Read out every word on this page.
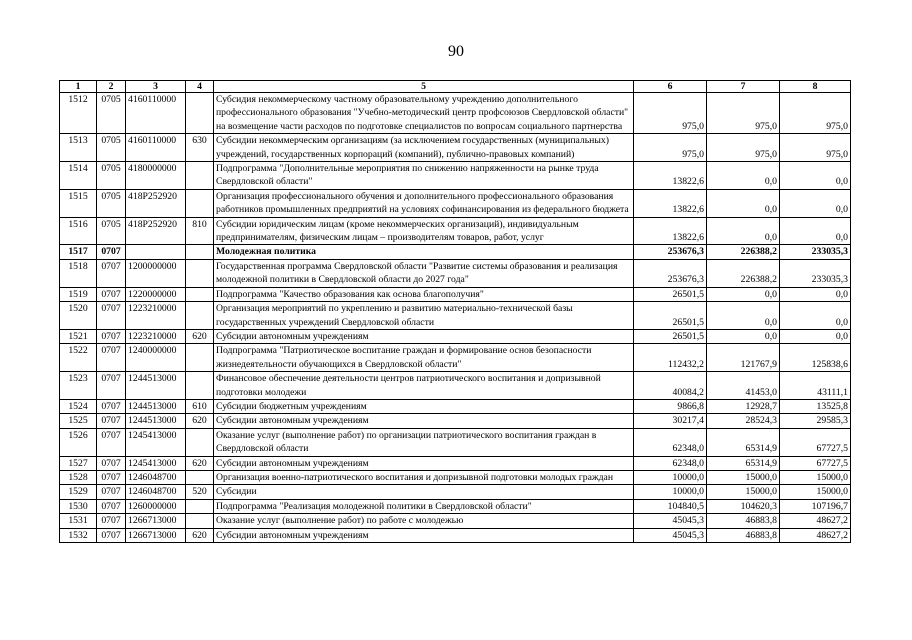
90
1	2	3	4	5	6	7	8
1512	0705	4160110000		Субсидия некоммерческому частному образовательному учреждению дополнительного профессионального образования "Учебно-методический центр профсоюзов Свердловской области" на возмещение части расходов по подготовке специалистов по вопросам социального партнерства	975,0	975,0	975,0
1513	0705	4160110000	630	Субсидии некоммерческим организациям (за исключением государственных (муниципальных) учреждений, государственных корпораций (компаний), публично-правовых компаний)	975,0	975,0	975,0
1514	0705	4180000000		Подпрограмма "Дополнительные мероприятия по снижению напряженности на рынке труда Свердловской области"	13822,6	0,0	0,0
1515	0705	418P252920		Организация профессионального обучения и дополнительного профессионального образования работников промышленных предприятий на условиях софинансирования из федерального бюджета	13822,6	0,0	0,0
1516	0705	418P252920	810	Субсидии юридическим лицам (кроме некоммерческих организаций), индивидуальным предпринимателям, физическим лицам – производителям товаров, работ, услуг	13822,6	0,0	0,0
1517	0707			Молодежная политика	253676,3	226388,2	233035,3
1518	0707	1200000000		Государственная программа Свердловской области "Развитие системы образования и реализация молодежной политики в Свердловской области до 2027 года"	253676,3	226388,2	233035,3
1519	0707	1220000000		Подпрограмма "Качество образования как основа благополучия"	26501,5	0,0	0,0
1520	0707	1223210000		Организация мероприятий по укреплению и развитию материально-технической базы государственных учреждений Свердловской области	26501,5	0,0	0,0
1521	0707	1223210000	620	Субсидии автономным учреждениям	26501,5	0,0	0,0
1522	0707	1240000000		Подпрограмма "Патриотическое воспитание граждан и формирование основ безопасности жизнедеятельности обучающихся в Свердловской области"	112432,2	121767,9	125838,6
1523	0707	1244513000		Финансовое обеспечение деятельности центров патриотического воспитания и допризывной подготовки молодежи	40084,2	41453,0	43111,1
1524	0707	1244513000	610	Субсидии бюджетным учреждениям	9866,8	12928,7	13525,8
1525	0707	1244513000	620	Субсидии автономным учреждениям	30217,4	28524,3	29585,3
1526	0707	1245413000		Оказание услуг (выполнение работ) по организации патриотического воспитания граждан в Свердловской области	62348,0	65314,9	67727,5
1527	0707	1245413000	620	Субсидии автономным учреждениям	62348,0	65314,9	67727,5
1528	0707	1246048700		Организация военно-патриотического воспитания и допризывной подготовки молодых граждан	10000,0	15000,0	15000,0
1529	0707	1246048700	520	Субсидии	10000,0	15000,0	15000,0
1530	0707	1260000000		Подпрограмма "Реализация молодежной политики в Свердловской области"	104840,5	104620,3	107196,7
1531	0707	1266713000		Оказание услуг (выполнение работ) по работе с молодежью	45045,3	46883,8	48627,2
1532	0707	1266713000	620	Субсидии автономным учреждениям	45045,3	46883,8	48627,2
